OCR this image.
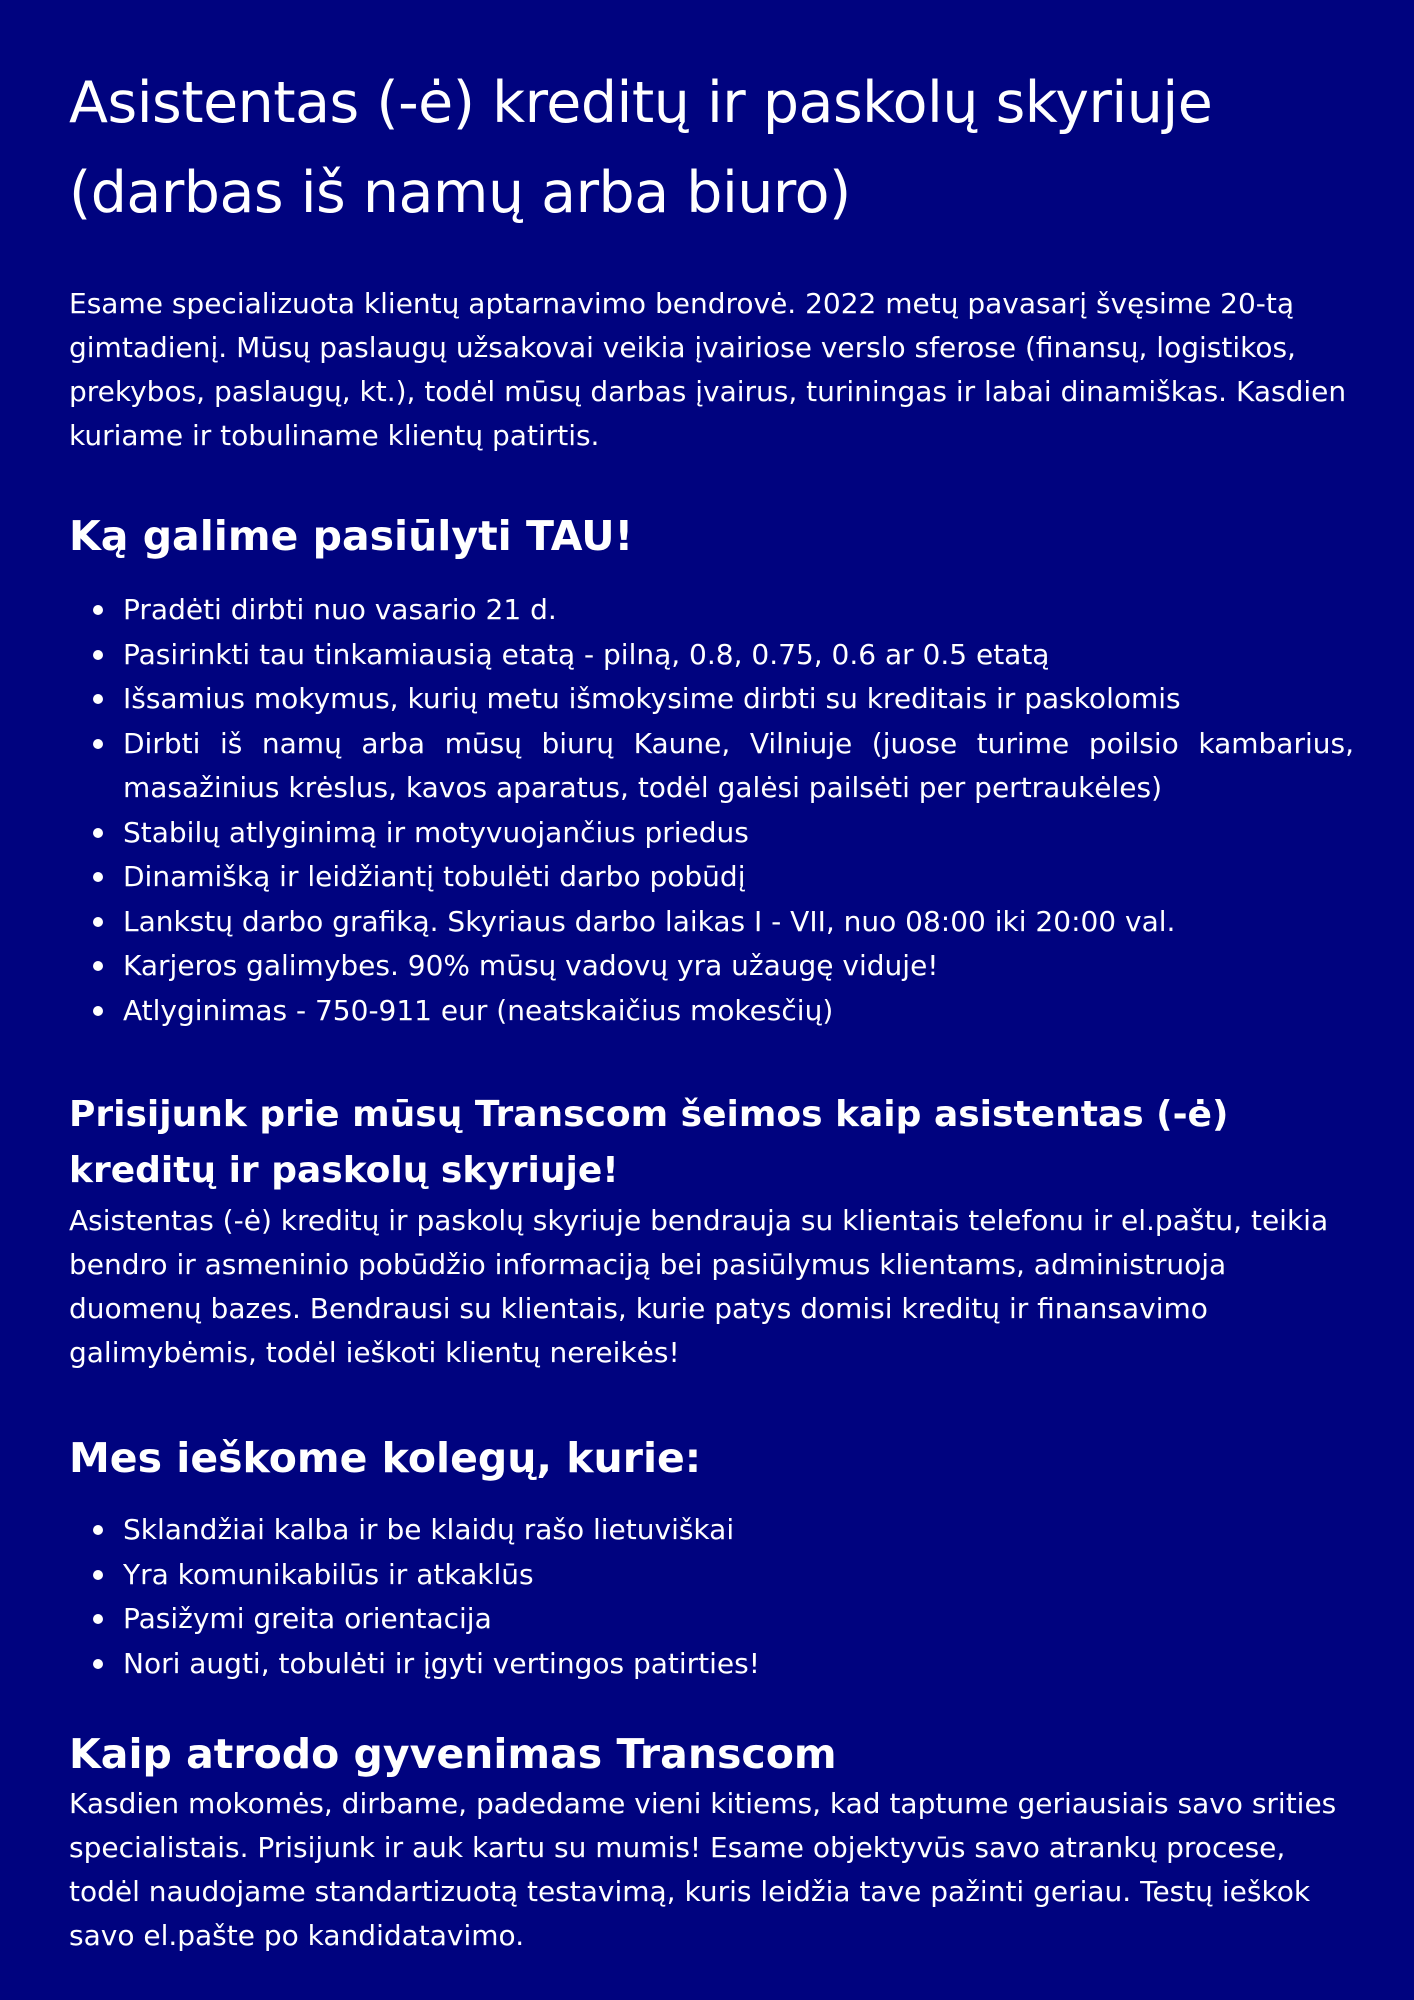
Asistentas (-ė) kreditų ir paskolų skyriuje (darbas iš namų arba biuro)

Esame specializuota klientų aptarnavimo bendrovė. 2022 metų pavasarį švęsime 20-tą gimtadienį. Mūsų paslaugų užsakovai veikia įvairiose verslo sferose (finansų, logistikos, prekybos, paslaugų, kt.), todėl mūsų darbas įvairus, turiningas ir labai dinamiškas. Kasdien kuriame ir tobuliname klientų patirtis.

Ką galime pasiūlyti TAU!
Pradėti dirbti nuo vasario 21 d.
Pasirinkti tau tinkamiausią etatą - pilną, 0.8, 0.75, 0.6 ar 0.5 etatą
Išsamius mokymus, kurių metu išmokysime dirbti su kreditais ir paskolomis
Dirbti iš namų arba mūsų biurų Kaune, Vilniuje (juose turime poilsio kambarius, masažinius krėslus, kavos aparatus, todėl galėsi pailsėti per pertraukėles)
Stabilų atlyginimą ir motyvuojančius priedus
Dinamišką ir leidžiantį tobulėti darbo pobūdį
Lankstų darbo grafiką. Skyriaus darbo laikas I - VII, nuo 08:00 iki 20:00 val.
Karjeros galimybes. 90% mūsų vadovų yra užaugę viduje!
Atlyginimas - 750-911 eur (neatskaičius mokesčių)
Prisijunk prie mūsų Transcom šeimos kaip asistentas (-ė) kreditų ir paskolų skyriuje!

Asistentas (-ė) kreditų ir paskolų skyriuje bendrauja su klientais telefonu ir el.paštu, teikia bendro ir asmeninio pobūdžio informaciją bei pasiūlymus klientams, administruoja duomenų bazes. Bendrausi su klientais, kurie patys domisi kreditų ir finansavimo galimybėmis, todėl ieškoti klientų nereikės!

Mes ieškome kolegų, kurie:
Sklandžiai kalba ir be klaidų rašo lietuviškai
Yra komunikabilūs ir atkaklūs
Pasižymi greita orientacija
Nori augti, tobulėti ir įgyti vertingos patirties!
Kaip atrodo gyvenimas Transcom

Kasdien mokomės, dirbame, padedame vieni kitiems, kad taptume geriausiais savo srities specialistais. Prisijunk ir auk kartu su mumis! Esame objektyvūs savo atrankų procese, todėl naudojame standartizuotą testavimą, kuris leidžia tave pažinti geriau. Testų ieškok savo el.pašte po kandidatavimo.
